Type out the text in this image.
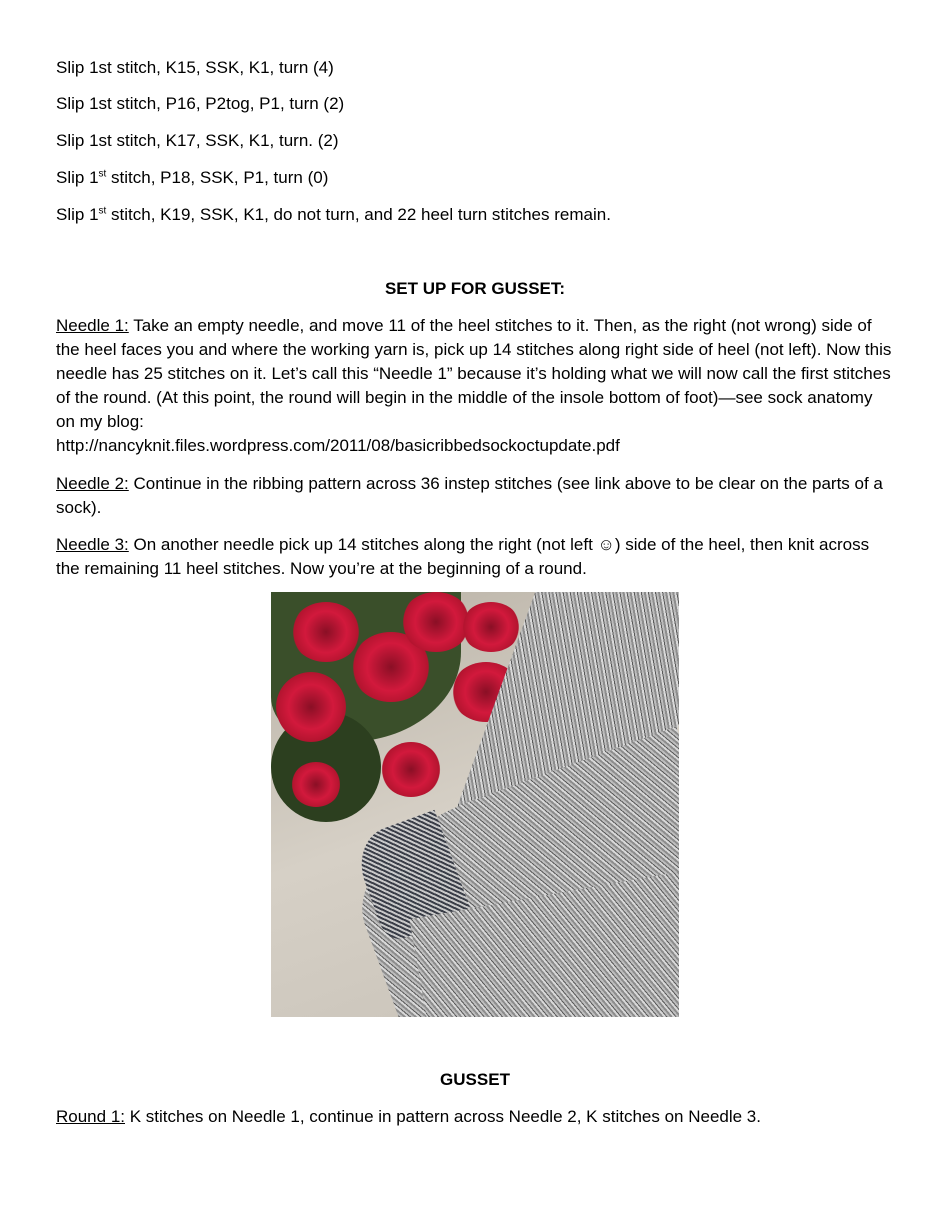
Slip 1st stitch, K15, SSK, K1, turn (4)
Slip 1st stitch, P16, P2tog, P1, turn (2)
Slip 1st stitch, K17, SSK, K1, turn. (2)
Slip 1st stitch, P18, SSK, P1, turn (0)
Slip 1st stitch, K19, SSK, K1, do not turn, and 22 heel turn stitches remain.
SET UP FOR GUSSET:
Needle 1: Take an empty needle, and move 11 of the heel stitches to it. Then, as the right (not wrong) side of the heel faces you and where the working yarn is, pick up 14 stitches along right side of heel (not left). Now this needle has 25 stitches on it. Let’s call this “Needle 1” because it’s holding what we will now call the first stitches of the round. (At this point, the round will begin in the middle of the insole bottom of foot)—see sock anatomy on my blog:
http://nancyknit.files.wordpress.com/2011/08/basicribbedsockoctupdate.pdf
Needle 2: Continue in the ribbing pattern across 36 instep stitches (see link above to be clear on the parts of a sock).
Needle 3: On another needle pick up 14 stitches along the right (not left ☺) side of the heel, then knit across the remaining 11 heel stitches. Now you’re at the beginning of a round.
GUSSET
Round 1: K stitches on Needle 1, continue in pattern across Needle 2, K stitches on Needle 3.
